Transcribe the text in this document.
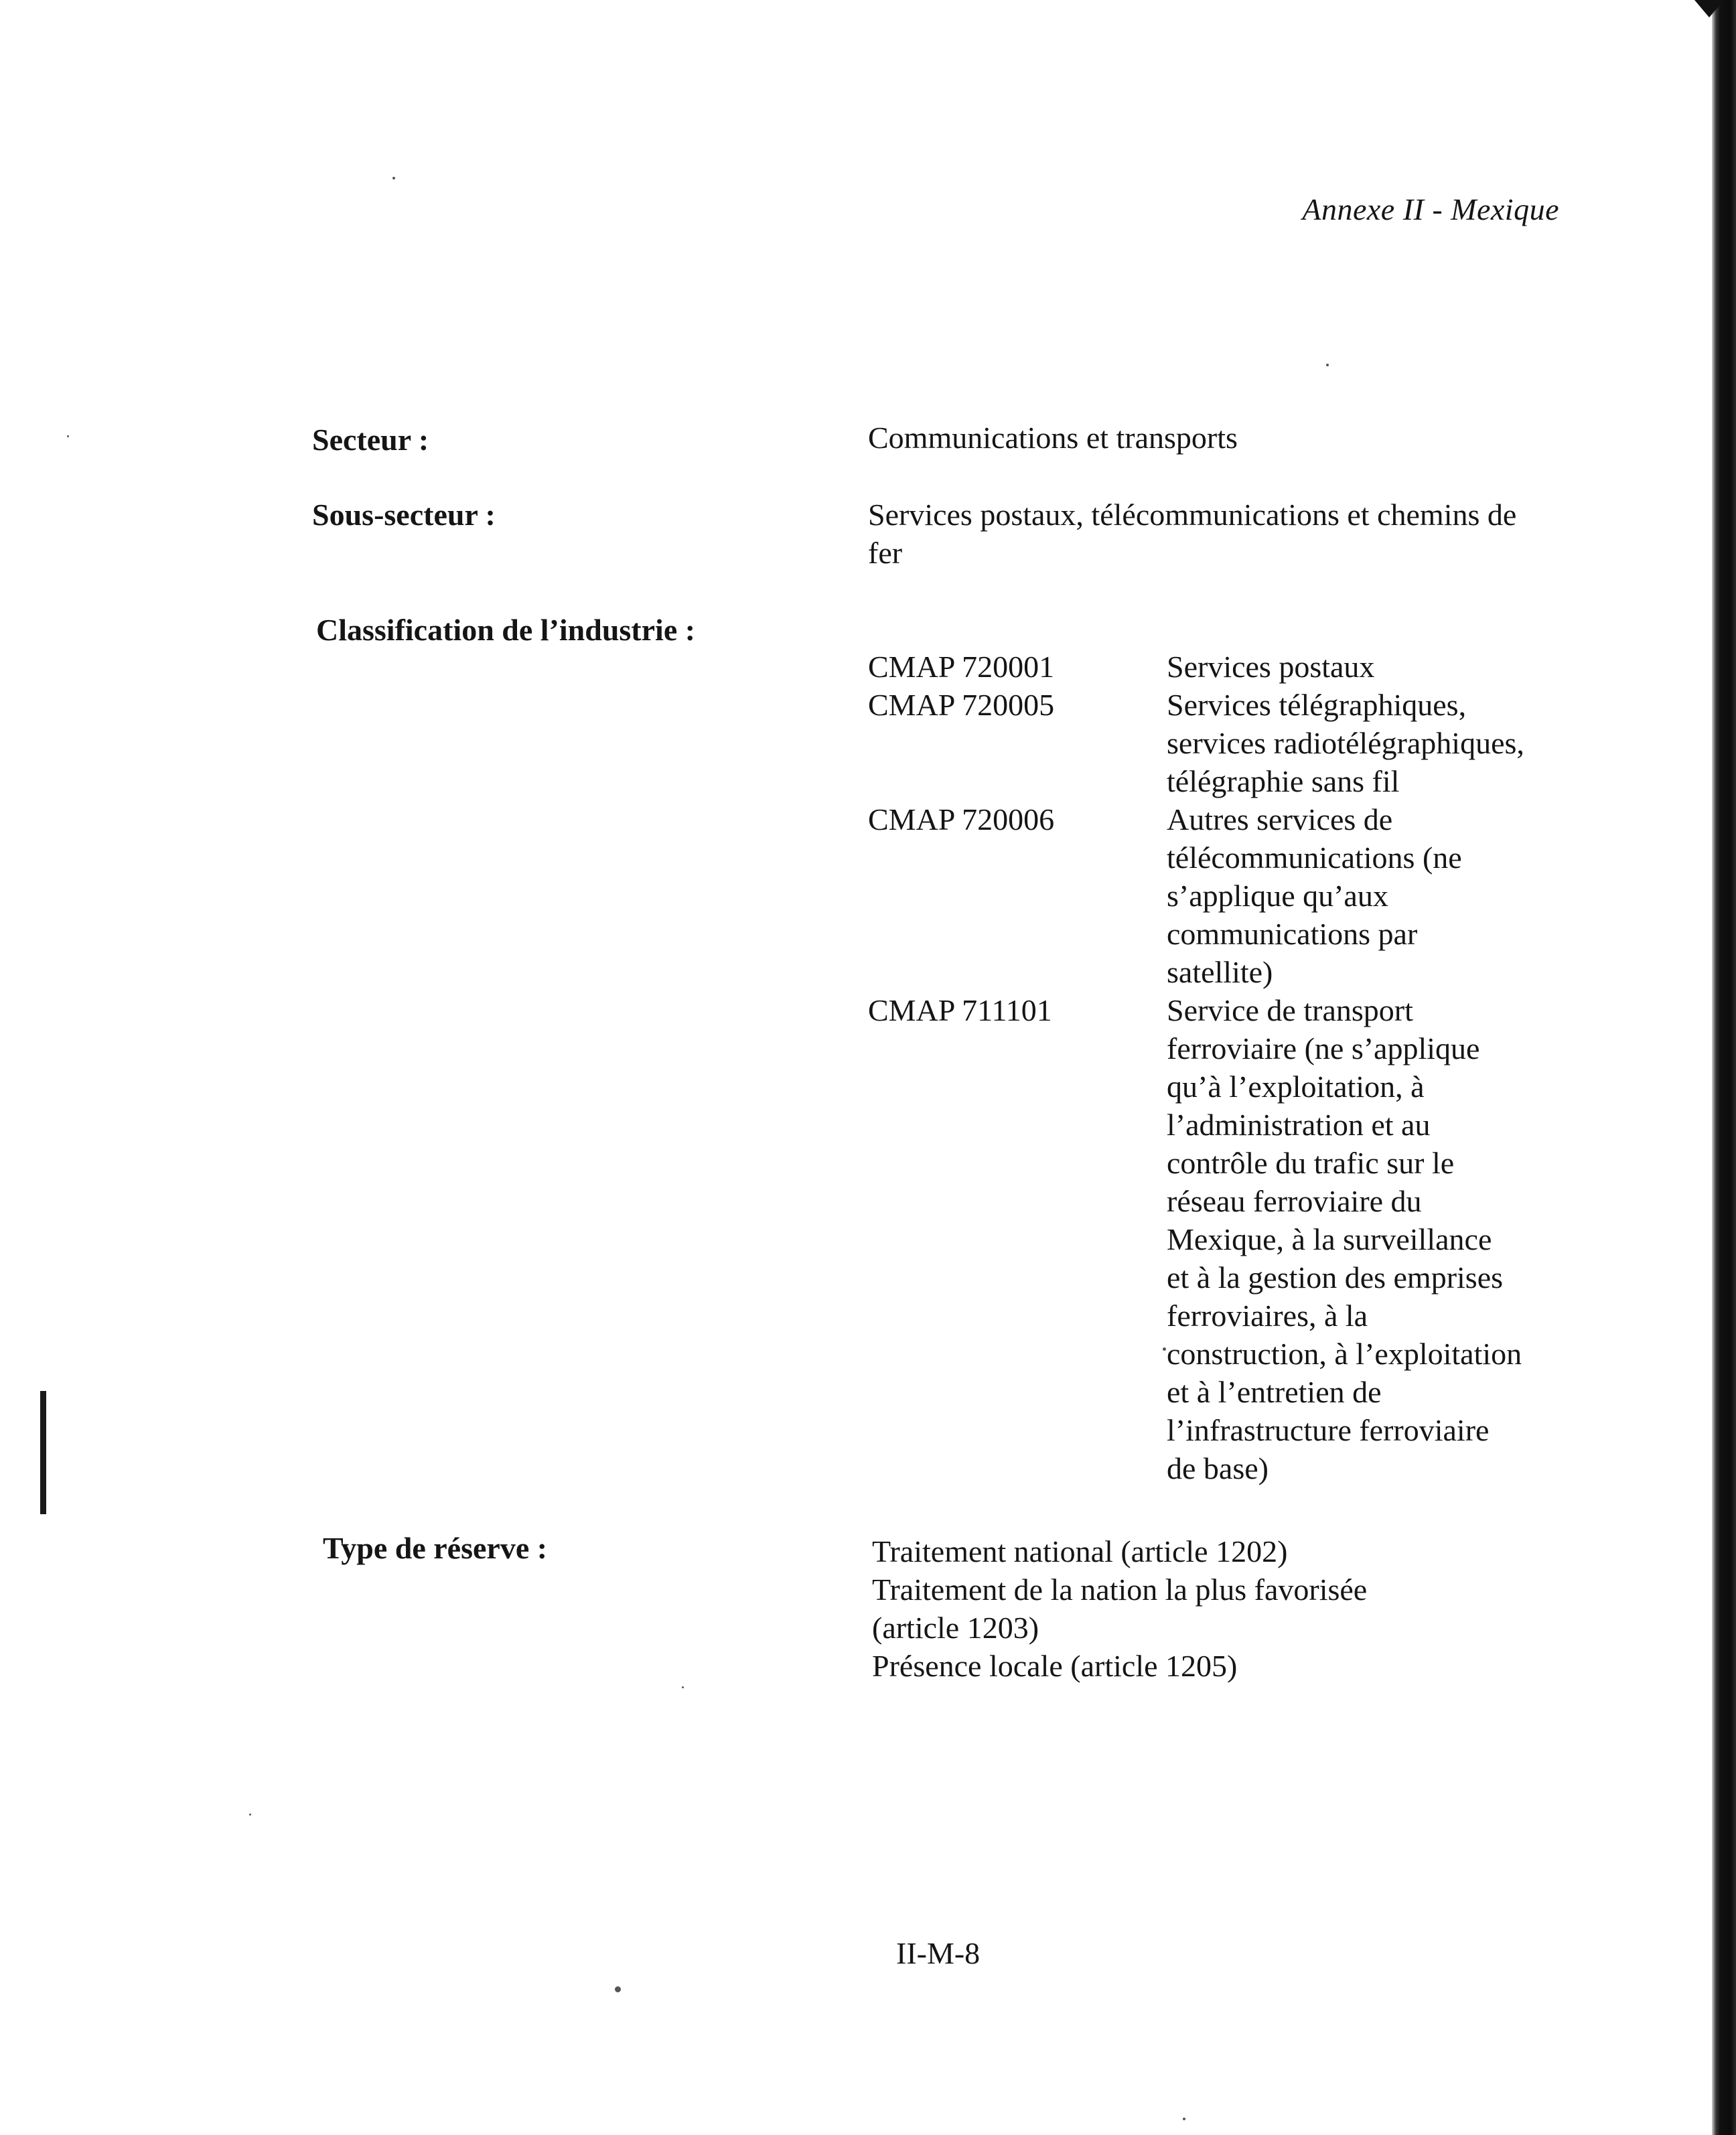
Annexe II - Mexique
Secteur :	Communications et transports
Sous-secteur :	Services postaux, télécommunications et chemins de fer
Classification de l’industrie :
CMAP 720001	Services postaux
CMAP 720005	Services télégraphiques,
services radiotélégraphiques,
télégraphie sans fil
CMAP 720006	Autres services de
télécommunications (ne
s’applique qu’aux
communications par
satellite)
CMAP 711101	Service de transport
ferroviaire (ne s’applique
qu’à l’exploitation, à
l’administration et au
contrôle du trafic sur le
réseau ferroviaire du
Mexique, à la surveillance
et à la gestion des emprises
ferroviaires, à la
construction, à l’exploitation
et à l’entretien de
l’infrastructure ferroviaire
de base)
Type de réserve :	Traitement national (article 1202)
Traitement de la nation la plus favorisée
(article 1203)
Présence locale (article 1205)
II-M-8
